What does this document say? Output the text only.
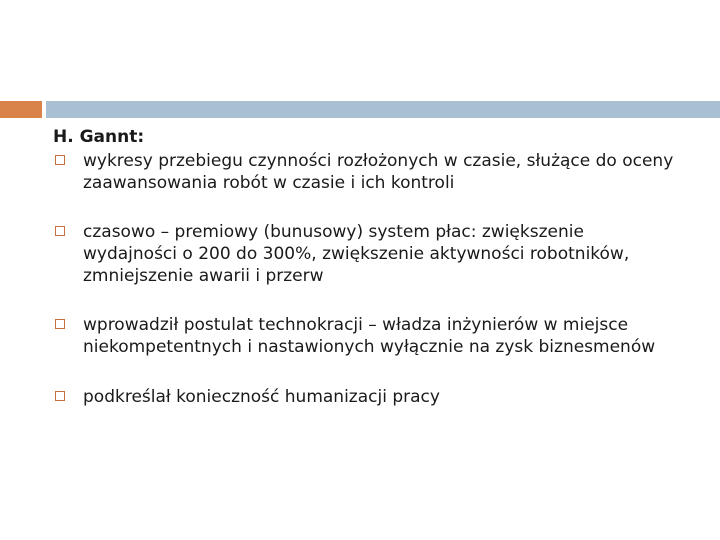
H. Gannt:
wykresy przebiegu czynności rozłożonych w czasie, służące do oceny
zaawansowania robót w czasie i ich kontroli
czasowo – premiowy (bunusowy) system płac: zwiększenie
wydajności o 200 do 300%, zwiększenie aktywności robotników,
zmniejszenie awarii i przerw
wprowadził postulat technokracji – władza inżynierów w miejsce
niekompetentnych i nastawionych wyłącznie na zysk biznesmenów
podkreślał konieczność humanizacji pracy
